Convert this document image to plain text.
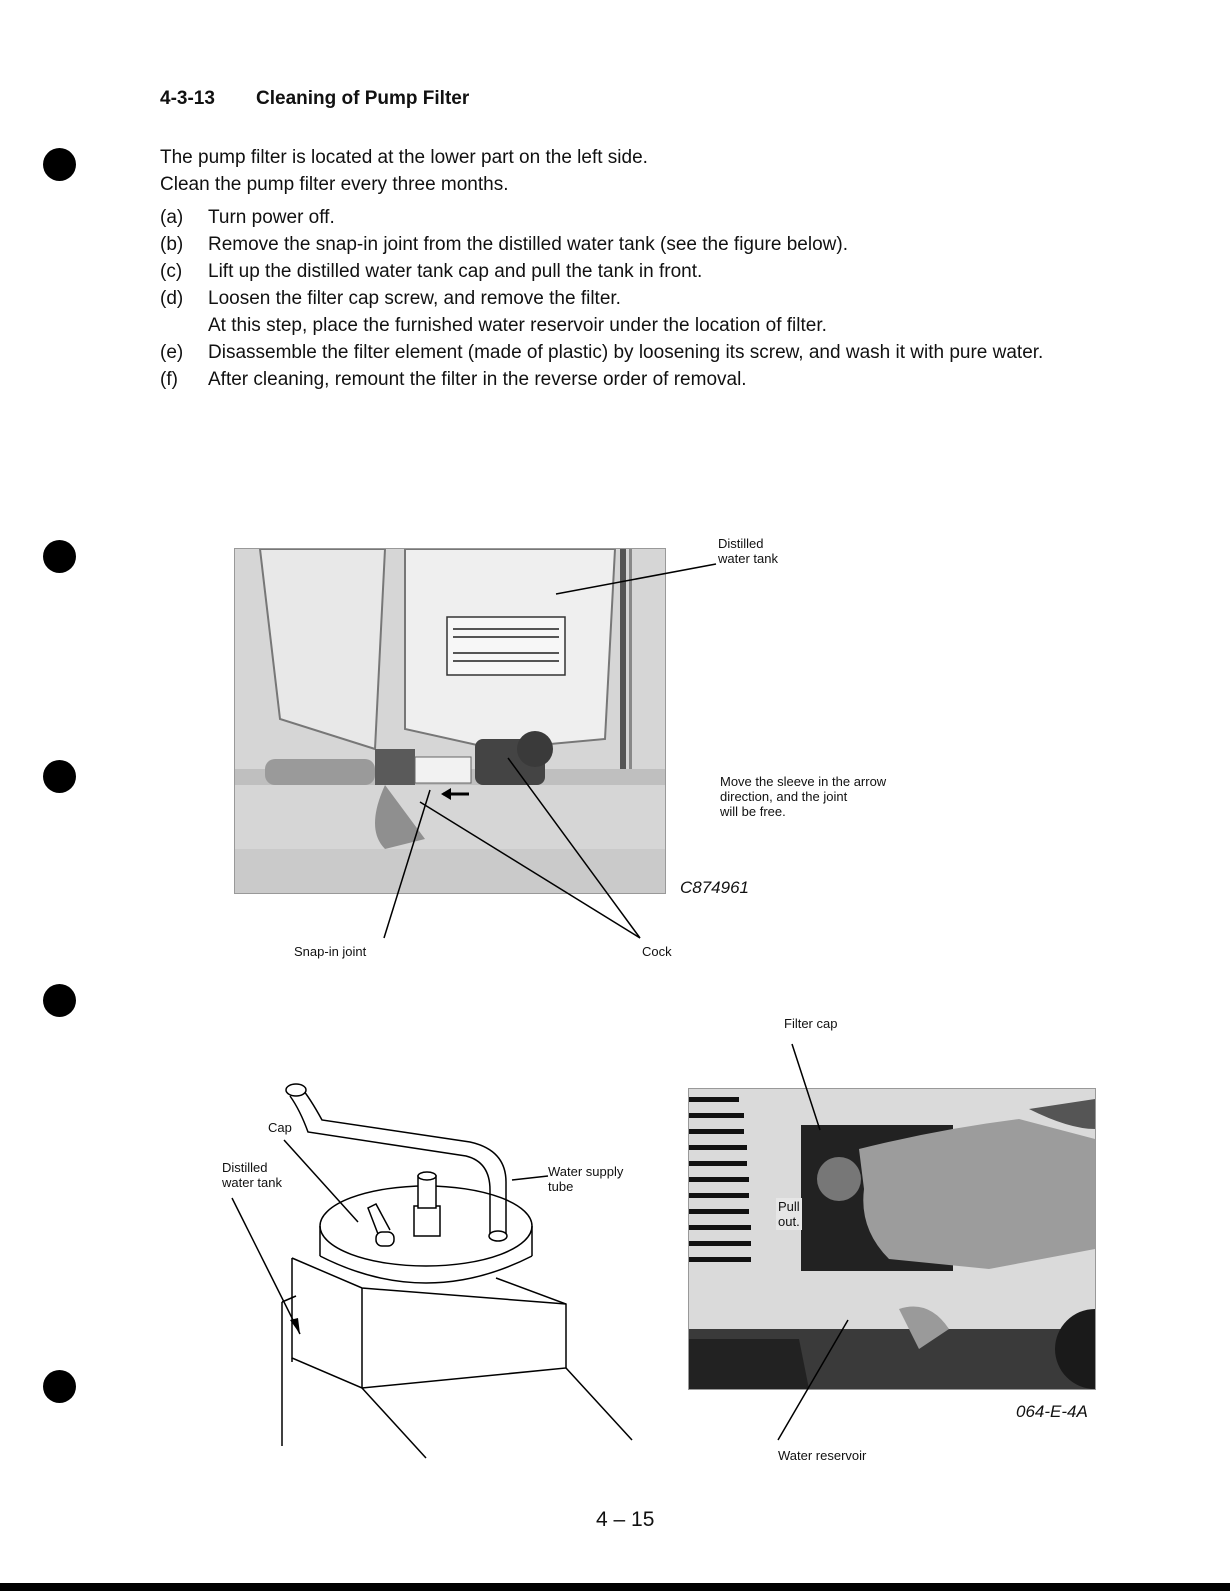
4-3-13 Cleaning of Pump Filter
The pump filter is located at the lower part on the left side.
Clean the pump filter every three months.
(a)	Turn power off.
(b)	Remove the snap-in joint from the distilled water tank (see the figure below).
(c)	Lift up the distilled water tank cap and pull the tank in front.
(d)	Loosen the filter cap screw, and remove the filter.
At this step, place the furnished water reservoir under the location of filter.
(e)	Disassemble the filter element (made of plastic) by loosening its screw, and wash it with pure water.
(f)	After cleaning, remount the filter in the reverse order of removal.
Distilled
water tank
Move the sleeve in the arrow
direction, and the joint
will be free.
C874961
Snap-in joint	Cock
Cap
Distilled
water tank
Water supply
tube
Filter cap
Pull
out.
064-E-4A
Water reservoir
4 – 15
